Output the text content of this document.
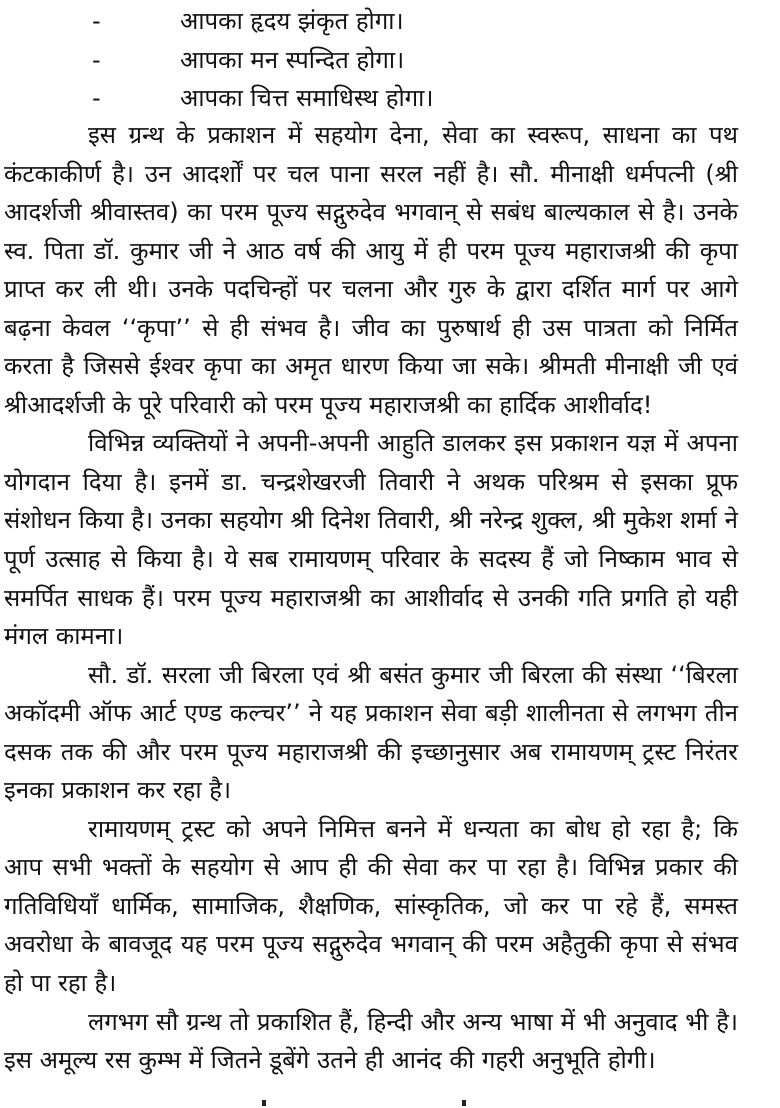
-	आपका हृदय झंकृत होगा।
-	आपका मन स्पन्दित होगा।
-	आपका चित्त समाधिस्थ होगा।

इस ग्रन्थ के प्रकाशन में सहयोग देना, सेवा का स्वरूप, साधना का पथ कंटकाकीर्ण है। उन आदर्शों पर चल पाना सरल नहीं है। सौ. मीनाक्षी धर्मपत्नी (श्री आदर्शजी श्रीवास्तव) का परम पूज्य सद्गुरुदेव भगवान् से सबंध बाल्यकाल से है। उनके स्व. पिता डॉ. कुमार जी ने आठ वर्ष की आयु में ही परम पूज्य महाराजश्री की कृपा प्राप्त कर ली थी। उनके पदचिन्हों पर चलना और गुरु के द्वारा दर्शित मार्ग पर आगे बढ़ना केवल ‘‘कृपा’’ से ही संभव है। जीव का पुरुषार्थ ही उस पात्रता को निर्मित करता है जिससे ईश्वर कृपा का अमृत धारण किया जा सके। श्रीमती मीनाक्षी जी एवं श्रीआदर्शजी के पूरे परिवारी को परम पूज्य महाराजश्री का हार्दिक आशीर्वाद!

विभिन्न व्यक्तियों ने अपनी-अपनी आहुति डालकर इस प्रकाशन यज्ञ में अपना योगदान दिया है। इनमें डा. चन्द्रशेखरजी तिवारी ने अथक परिश्रम से इसका प्रूफ संशोधन किया है। उनका सहयोग श्री दिनेश तिवारी, श्री नरेन्द्र शुक्ल, श्री मुकेश शर्मा ने पूर्ण उत्साह से किया है। ये सब रामायणम् परिवार के सदस्य हैं जो निष्काम भाव से समर्पित साधक हैं। परम पूज्य महाराजश्री का आशीर्वाद से उनकी गति प्रगति हो यही मंगल कामना।

सौ. डॉ. सरला जी बिरला एवं श्री बसंत कुमार जी बिरला की संस्था ‘‘बिरला अकॉदमी ऑफ आर्ट एण्ड कल्चर’’ ने यह प्रकाशन सेवा बड़ी शालीनता से लगभग तीन दसक तक की और परम पूज्य महाराजश्री की इच्छानुसार अब रामायणम् ट्रस्ट निरंतर इनका प्रकाशन कर रहा है।

रामायणम् ट्रस्ट को अपने निमित्त बनने में धन्यता का बोध हो रहा है; कि आप सभी भक्तों के सहयोग से आप ही की सेवा कर पा रहा है। विभिन्न प्रकार की गतिविधियाँ धार्मिक, सामाजिक, शैक्षणिक, सांस्कृतिक, जो कर पा रहे हैं, समस्त अवरोधा के बावजूद यह परम पूज्य सद्गुरुदेव भगवान् की परम अहैतुकी कृपा से संभव हो पा रहा है।

लगभग सौ ग्रन्थ तो प्रकाशित हैं, हिन्दी और अन्य भाषा में भी अनुवाद भी है। इस अमूल्य रस कुम्भ में जितने डूबेंगे उतने ही आनंद की गहरी अनुभूति होगी।
